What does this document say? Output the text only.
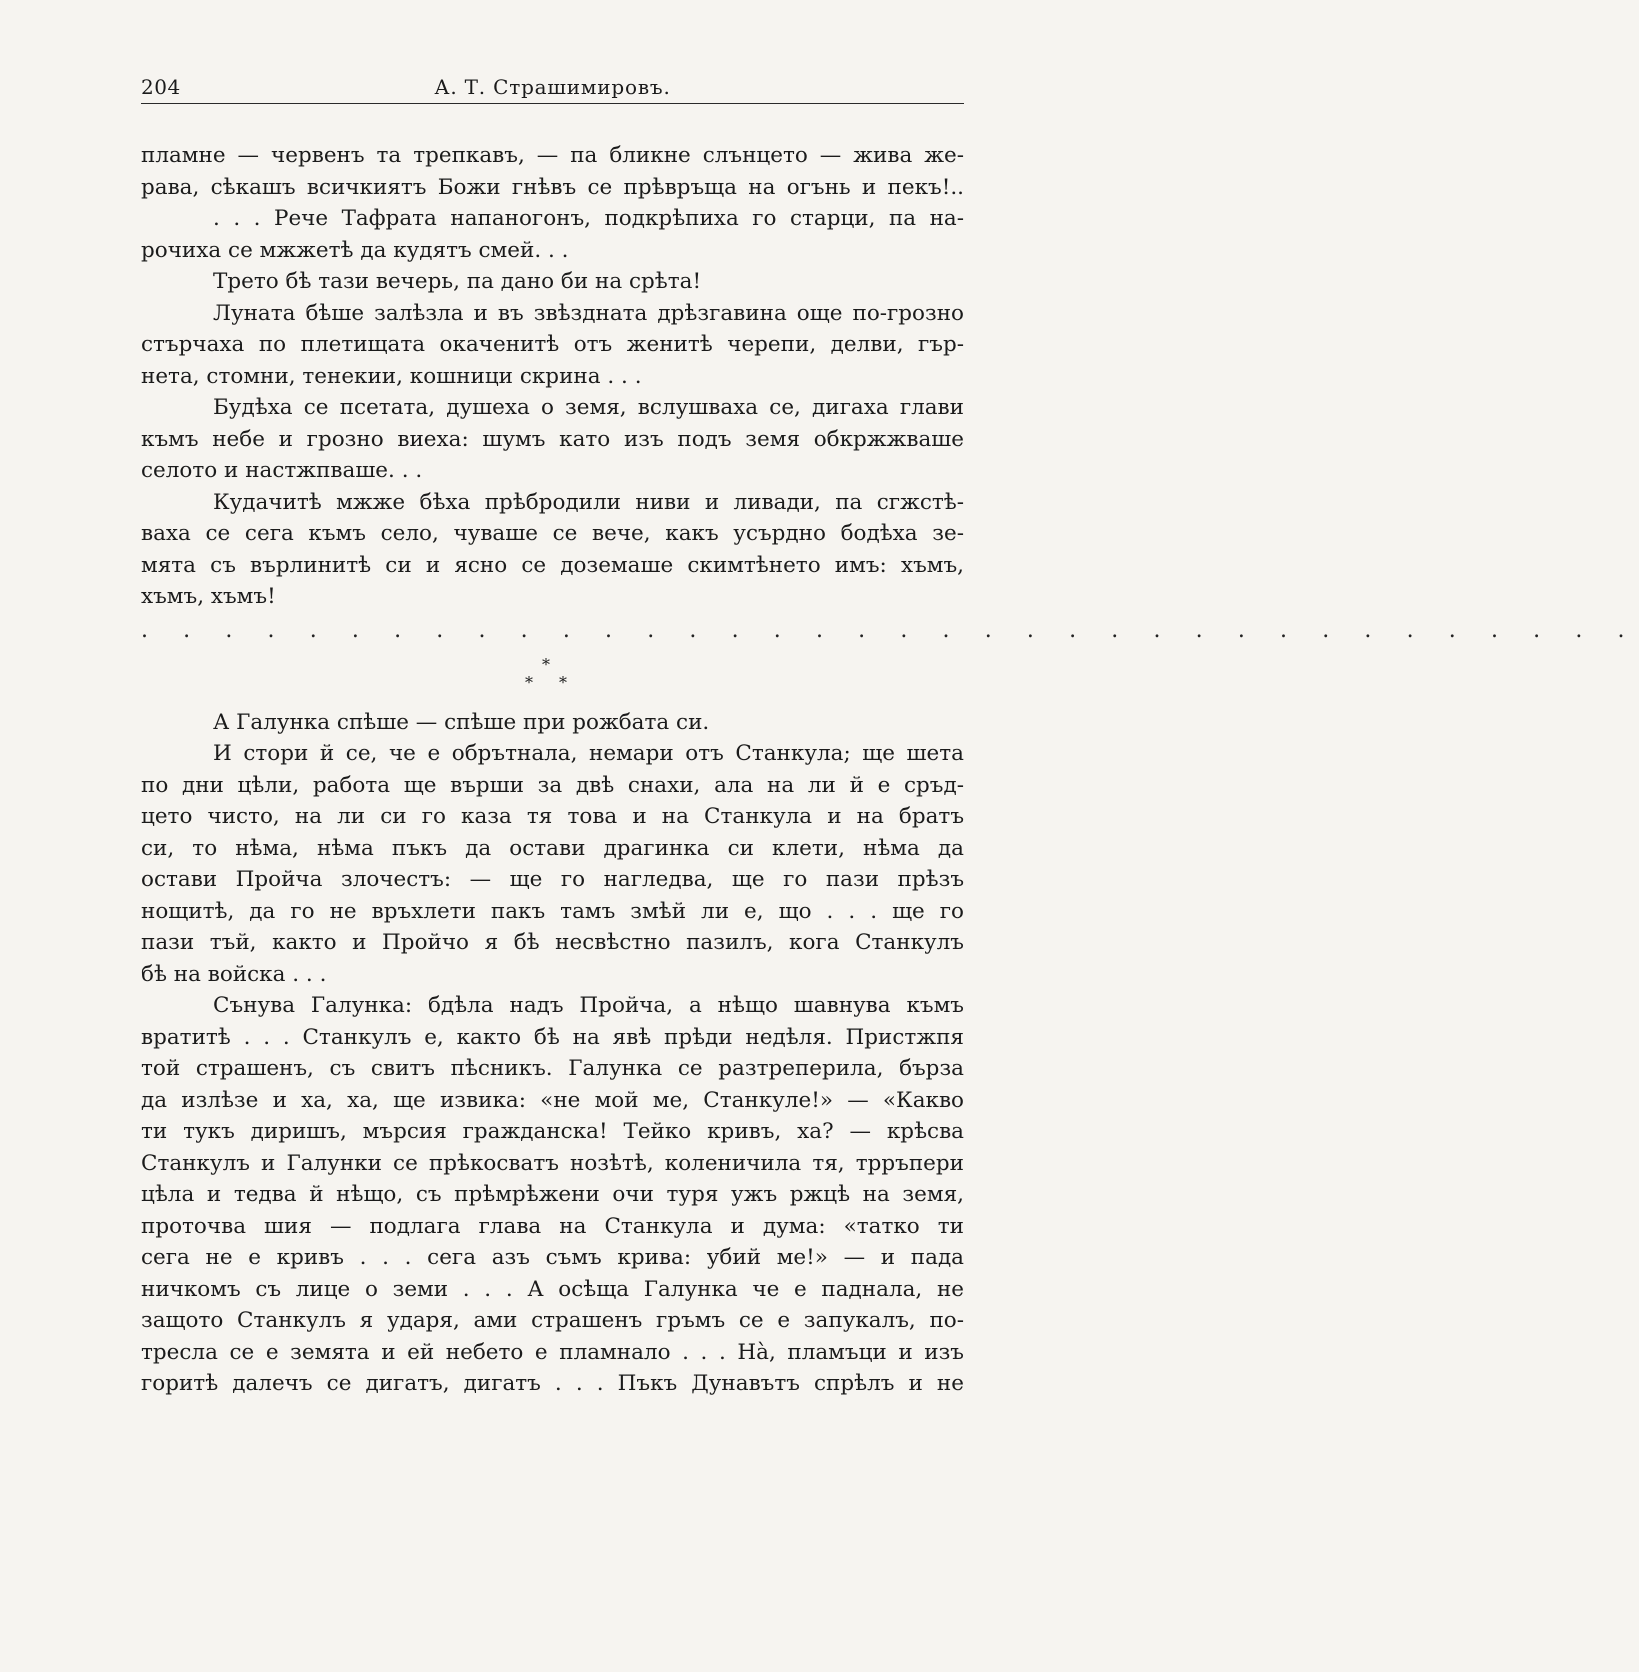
204	А. Т. Страшимировъ.
пламне — червенъ та трепкавъ, — па бликне слънцето — жива же-
рава, сѣкашъ всичкиятъ Божи гнѣвъ се прѣвръща на огънь и пекъ!..
. . . Рече Тафрата напаногонъ, подкрѣпиха го старци, па на-
рочиха се мжжетѣ да кудятъ смей. . .
Трето бѣ тази вечерь, па дано би на срѣта!
Луната бѣше залѣзла и въ звѣздната дрѣзгавина още по-грозно
стърчаха по плетищата окаченитѣ отъ женитѣ черепи, делви, гър-
нета, стомни, тенекии, кошници скрина . . .
Будѣха се псетата, душеха о земя, вслушваха се, дигаха глави
къмъ небе и грозно виеха: шумъ като изъ подъ земя обкржжваше
селото и настжпваше. . .
Кудачитѣ мжже бѣха прѣбродили ниви и ливади, па сгжстѣ-
ваха се сега къмъ село, чуваше се вече, какъ усърдно бодѣха зе-
мята съ върлинитѣ си и ясно се доземаше скимтѣнето имъ: хъмъ,
хъмъ, хъмъ!
. . . . . . . . . . . . . . . . . . . . . . . . . . . . . . . . . . . .
*
* *
А Галунка спѣше — спѣше при рожбата си.
И стори й се, че е обрътнала, немари отъ Станкула; ще шета
по дни цѣли, работа ще върши за двѣ снахи, ала на ли й е сръд-
цето чисто, на ли си го каза тя това и на Станкула и на братъ
си, то нѣма, нѣма пъкъ да остави драгинка си клети, нѣма да
остави Пройча злочестъ: — ще го нагледва, ще го пази прѣзъ
нощитѣ, да го не връхлети пакъ тамъ змѣй ли е, що . . . ще го
пази тъй, както и Пройчо я бѣ несвѣстно пазилъ, кога Станкулъ
бѣ на войска . . .
Сънува Галунка: бдѣла надъ Пройча, а нѣщо шавнува къмъ
вратитѣ . . . Станкулъ е, както бѣ на явѣ прѣди недѣля. Пристжпя
той страшенъ, съ свитъ пѣсникъ. Галунка се разтреперила, бърза
да излѣзе и ха, ха, ще извика: «не мой ме, Станкуле!» — «Какво
ти тукъ диришъ, мърсия гражданска! Тейко кривъ, ха? — крѣсва
Станкулъ и Галунки се прѣкосватъ нозѣтѣ, коленичила тя, трръпери
цѣла и тедва й нѣщо, съ прѣмрѣжени очи туря ужъ ржцѣ на земя,
проточва шия — подлага глава на Станкула и дума: «татко ти
сега не е кривъ . . . сега азъ съмъ крива: убий ме!» — и пада
ничкомъ съ лице о земи . . . А осѣща Галунка че е паднала, не
защото Станкулъ я ударя, ами страшенъ гръмъ се е запукалъ, по-
тресла се е земята и ей небето е пламнало . . . Нà, пламъци и изъ
горитѣ далечъ се дигатъ, дигатъ . . . Пъкъ Дунавътъ спрѣлъ и не
